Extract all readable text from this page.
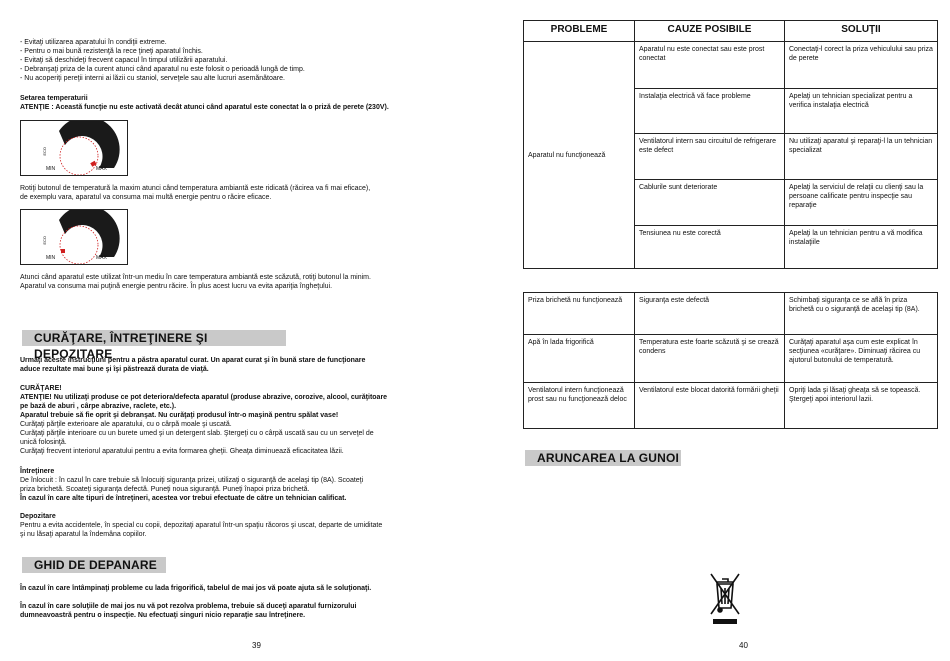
- Evitaţi utilizarea aparatului în condiţii extreme.
- Pentru o mai bună rezistenţă la rece ţineţi aparatul închis.
- Evitaţi să deschideţi frecvent capacul în timpul utilizării aparatului.
- Debranşaţi priza de la curent atunci când aparatul nu este folosit o perioadă lungă de timp.
- Nu acoperiţi pereţii interni ai lăzii cu staniol, serveţele sau alte lucruri asemănătoare.
Setarea temperaturii
ATENŢIE : Această funcţie nu este activată decât atunci când aparatul este conectat la o priză de perete (230V).
ECO
MIN	MAX
Rotiţi butonul de temperatură la maxim atunci când temperatura ambiantă este ridicată (răcirea va fi mai eficace),
de exemplu vara, aparatul va consuma mai multă energie pentru o răcire eficace.
ECO
MIN	MAX
Atunci când aparatul este utilizat într-un mediu în care temperatura ambiantă este scăzută, rotiţi butonul la minim.
Aparatul va consuma mai puţină energie pentru răcire. În plus acest lucru va evita apariţia îngheţului.
CURĂŢARE, ÎNTREŢINERE ŞI DEPOZITARE
Urmaţi aceste instrucţiuni pentru a păstra aparatul curat. Un aparat curat şi în bună stare de funcţionare
aduce rezultate mai bune şi îşi păstrează durata de viaţă.
CURĂŢARE!
ATENŢIE! Nu utilizaţi produse ce pot deteriora/defecta aparatul (produse abrazive, corozive, alcool, curăţitoare
pe bază de aburi , cârpe abrazive, raclete, etc.).
Aparatul trebuie să fie oprit şi debranşat. Nu curăţaţi produsul într-o maşină pentru spălat vase!
Curăţaţi părţile exterioare ale aparatului, cu o cârpă moale şi uscată.
Curăţaţi părţile interioare cu un burete umed şi un detergent slab. Ştergeţi cu o cârpă uscată sau cu un serveţel de
unică folosinţă.
Curăţaţi frecvent interiorul aparatului pentru a evita formarea gheţii. Gheaţa diminuează eficacitatea lăzii.
Întreţinere
De înlocuit : în cazul în care trebuie să înlocuiţi siguranţa prizei, utilizaţi o siguranţă de acelaşi tip (8A). Scoateţi
priza brichetă. Scoateţi siguranţa defectă. Puneţi noua siguranţă. Puneţi înapoi priza brichetă.
În cazul în care alte tipuri de întreţineri, acestea vor trebui efectuate de către un tehnician calificat.
Depozitare
Pentru a evita accidentele, în special cu copii, depozitaţi aparatul într-un spaţiu răcoros şi uscat, departe de umiditate
şi nu lăsaţi aparatul la îndemâna copiilor.
GHID DE DEPANARE
În cazul în care întâmpinaţi probleme cu lada frigorifică, tabelul de mai jos vă poate ajuta să le soluţionaţi.
În cazul în care soluţiile de mai jos nu vă pot rezolva problema, trebuie să duceţi aparatul furnizorului
dumneavoastră pentru o inspecţie. Nu efectuaţi singuri nicio reparaţie sau întreţinere.
39
PROBLEME	CAUZE POSIBILE	SOLUŢII
Aparatul nu funcţionează	Aparatul nu este conectat sau este prost conectat	Conectaţi-l corect la priza vehiculului sau priza de perete
	Instalaţia electrică vă face probleme	Apelaţi un tehnician specializat pentru a verifica instalaţia electrică
	Ventilatorul intern sau circuitul de refrigerare este defect	Nu utilizaţi aparatul şi reparaţi-l la un tehnician specializat
	Cablurile sunt deteriorate	Apelaţi la serviciul de relaţii cu clienţi sau la persoane calificate pentru inspecţie sau reparaţie
	Tensiunea nu este corectă	Apelaţi la un tehnician pentru a vă modifica instalaţiile
Priza brichetă nu funcţionează	Siguranţa este defectă	Schimbaţi siguranţa ce se află în priza brichetă cu o siguranţă de acelaşi tip (8A).
Apă în lada frigorifică	Temperatura este foarte scăzută şi se crează condens	Curăţaţi aparatul aşa cum este explicat în secţiunea «curăţare». Diminuaţi răcirea cu ajutorul butonului de temperatură.
Ventilatorul intern funcţionează prost sau nu funcţionează deloc	Ventilatorul este blocat datorită formării gheţii	Opriţi lada şi lăsaţi gheaţa să se topească. Ştergeţi apoi interiorul lazii.
ARUNCAREA LA GUNOI
40
